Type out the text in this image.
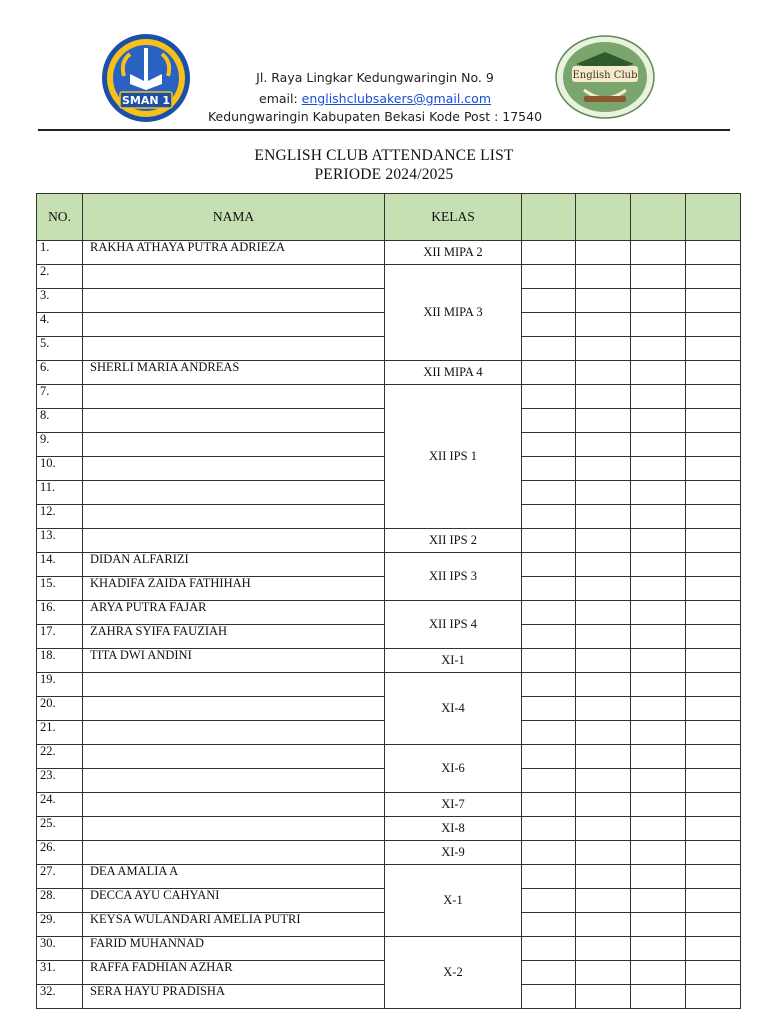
SMAN 1
Jl. Raya Lingkar Kedungwaringin No. 9
email: englishclubsakers@gmail.com
Kedungwaringin Kabupaten Bekasi Kode Post : 17540
English Club
ENGLISH CLUB ATTENDANCE LIST
PERIODE 2024/2025
NO.	NAMA	KELAS				
1.	RAKHA ATHAYA PUTRA ADRIEZA	XII MIPA 2				
2.		XII MIPA 3				
3.						
4.						
5.						
6.	SHERLI MARIA ANDREAS	XII MIPA 4				
7.		XII IPS 1				
8.						
9.						
10.						
11.						
12.						
13.		XII IPS 2				
14.	DIDAN ALFARIZI	XII IPS 3				
15.	KHADIFA ZAIDA FATHIHAH					
16.	ARYA PUTRA FAJAR	XII IPS 4				
17.	ZAHRA SYIFA FAUZIAH					
18.	TITA DWI ANDINI	XI-1				
19.		XI-4				
20.						
21.						
22.		XI-6				
23.						
24.		XI-7				
25.		XI-8				
26.		XI-9				
27.	DEA AMALIA A	X-1				
28.	DECCA AYU CAHYANI					
29.	KEYSA WULANDARI AMELIA PUTRI					
30.	FARID MUHANNAD	X-2				
31.	RAFFA FADHIAN AZHAR					
32.	SERA HAYU PRADISHA					
